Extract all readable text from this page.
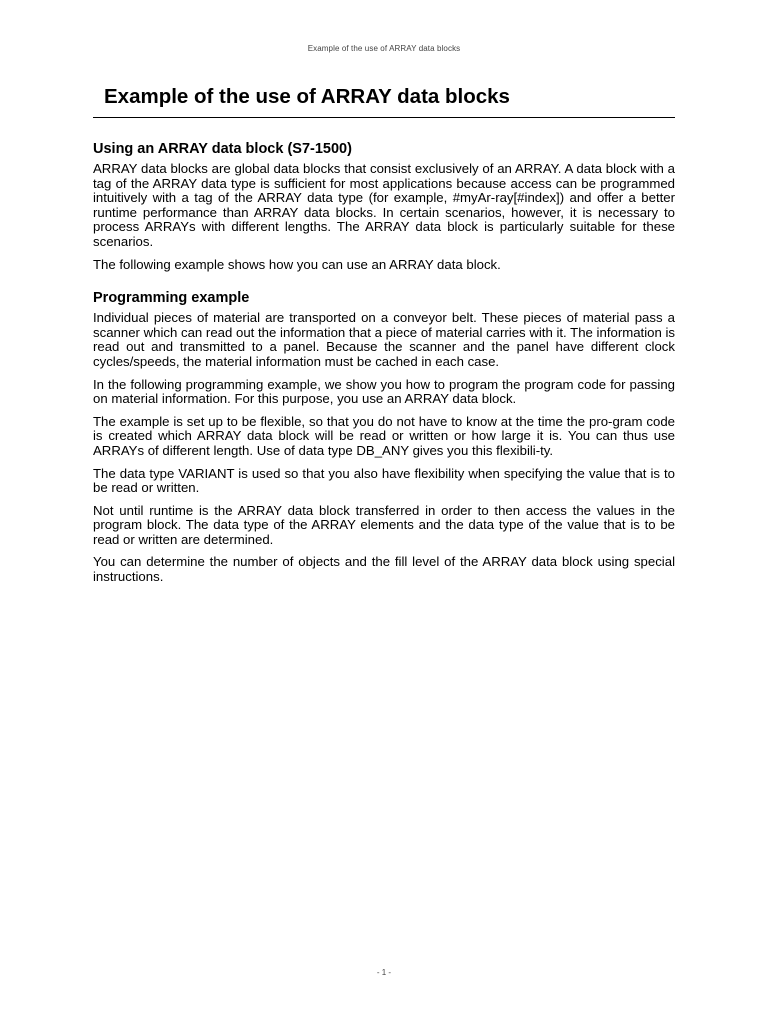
Example of the use of ARRAY data blocks
Example of the use of ARRAY data blocks
Using an ARRAY data block (S7-1500)

ARRAY data blocks are global data blocks that consist exclusively of an ARRAY. A data block with a tag of the ARRAY data type is sufficient for most applications because access can be programmed intuitively with a tag of the ARRAY data type (for example, #myAr-ray[#index]) and offer a better runtime performance than ARRAY data blocks. In certain scenarios, however, it is necessary to process ARRAYs with different lengths. The ARRAY data block is particularly suitable for these scenarios.

The following example shows how you can use an ARRAY data block.

Programming example

Individual pieces of material are transported on a conveyor belt. These pieces of material pass a scanner which can read out the information that a piece of material carries with it. The information is read out and transmitted to a panel. Because the scanner and the panel have different clock cycles/speeds, the material information must be cached in each case.

In the following programming example, we show you how to program the program code for passing on material information. For this purpose, you use an ARRAY data block.

The example is set up to be flexible, so that you do not have to know at the time the pro-gram code is created which ARRAY data block will be read or written or how large it is. You can thus use ARRAYs of different length. Use of data type DB_ANY gives you this flexibili-ty.

The data type VARIANT is used so that you also have flexibility when specifying the value that is to be read or written.

Not until runtime is the ARRAY data block transferred in order to then access the values in the program block. The data type of the ARRAY elements and the data type of the value that is to be read or written are determined.

You can determine the number of objects and the fill level of the ARRAY data block using special instructions.

- 1 -
